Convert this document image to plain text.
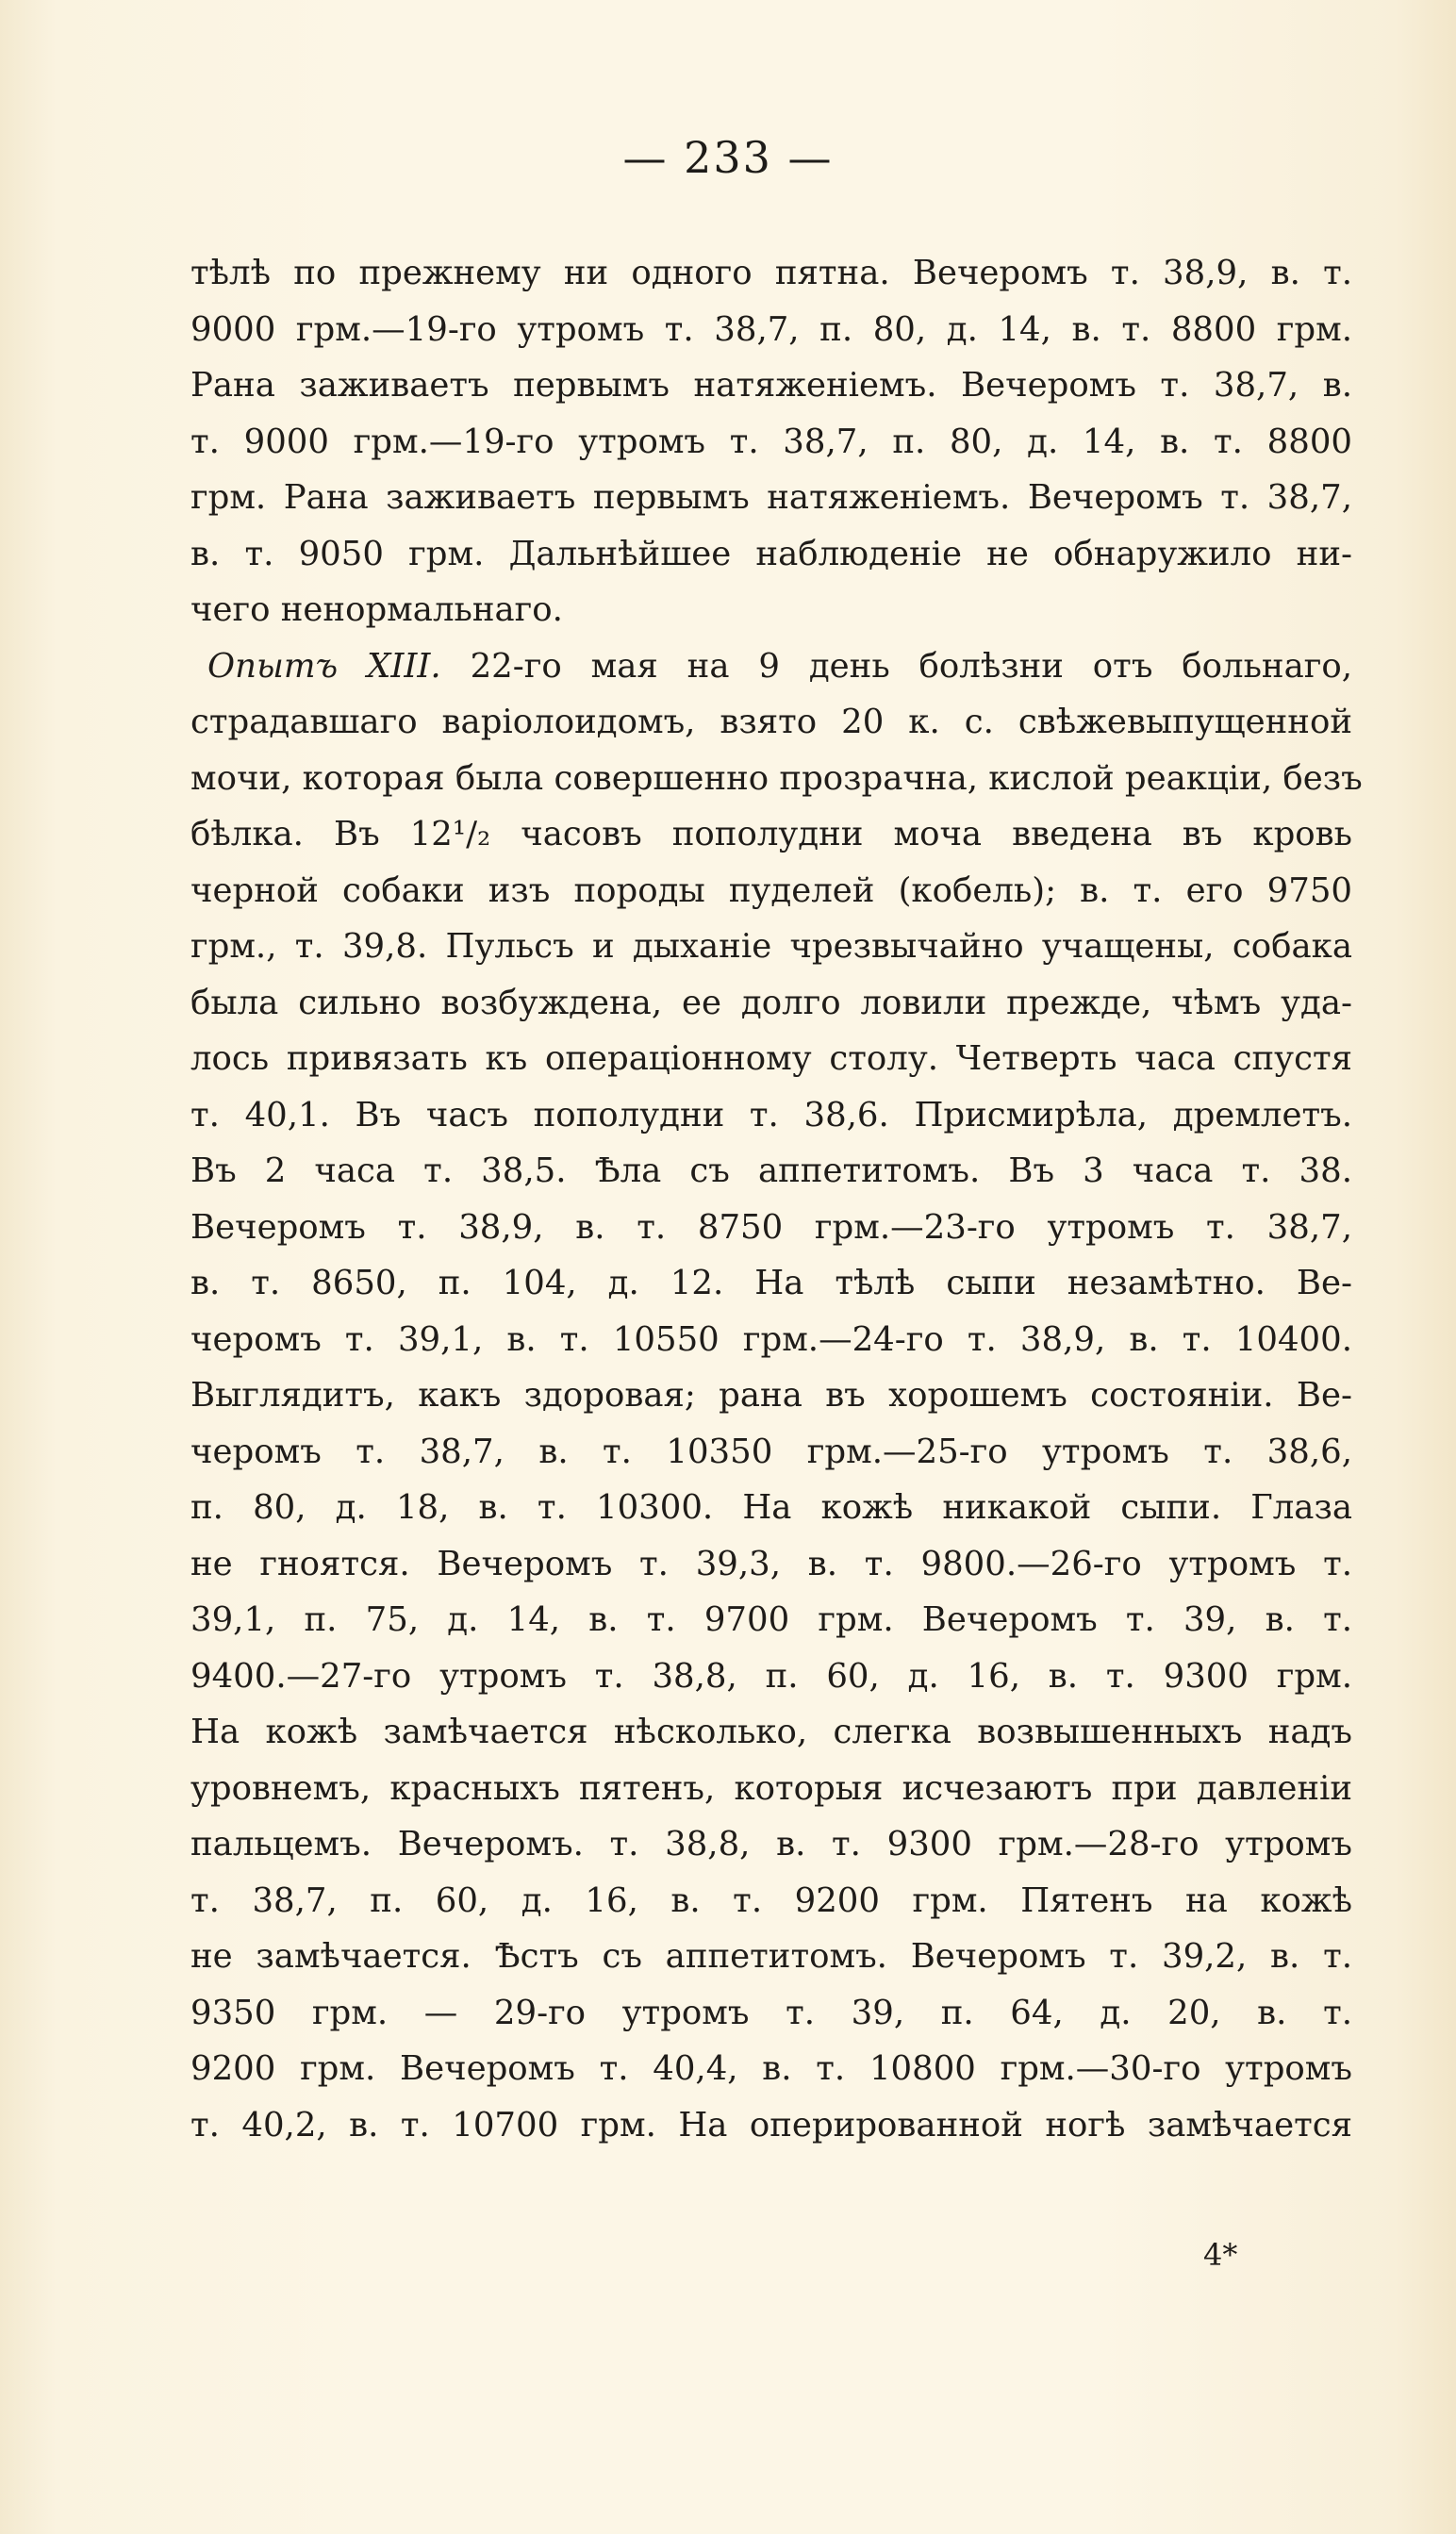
— 233 —
тѣлѣ по прежнему ни одного пятна. Вечеромъ т. 38,9, в. т.
9000 грм.—19-го утромъ т. 38,7, п. 80, д. 14, в. т. 8800 грм.
Рана заживаетъ первымъ натяженіемъ. Вечеромъ т. 38,7, в.
т. 9000 грм.—19-го утромъ т. 38,7, п. 80, д. 14, в. т. 8800
грм. Рана заживаетъ первымъ натяженіемъ. Вечеромъ т. 38,7,
в. т. 9050 грм. Дальнѣйшее наблюденіе не обнаружило ни-
чего ненормальнаго.
Опытъ XIII. 22-го мая на 9 день болѣзни отъ больнаго,
страдавшаго варіолоидомъ, взято 20 к. с. свѣжевыпущенной
мочи, которая была совершенно прозрачна, кислой реакціи, безъ
бѣлка. Въ 12¹/₂ часовъ пополудни моча введена въ кровь
черной собаки изъ породы пуделей (кобель); в. т. его 9750
грм., т. 39,8. Пульсъ и дыханіе чрезвычайно учащены, собака
была сильно возбуждена, ее долго ловили прежде, чѣмъ уда-
лось привязать къ операціонному столу. Четверть часа спустя
т. 40,1. Въ часъ пополудни т. 38,6. Присмирѣла, дремлетъ.
Въ 2 часа т. 38,5. Ѣла съ аппетитомъ. Въ 3 часа т. 38.
Вечеромъ т. 38,9, в. т. 8750 грм.—23-го утромъ т. 38,7,
в. т. 8650, п. 104, д. 12. На тѣлѣ сыпи незамѣтно. Ве-
черомъ т. 39,1, в. т. 10550 грм.—24-го т. 38,9, в. т. 10400.
Выглядитъ, какъ здоровая; рана въ хорошемъ состояніи. Ве-
черомъ т. 38,7, в. т. 10350 грм.—25-го утромъ т. 38,6,
п. 80, д. 18, в. т. 10300. На кожѣ никакой сыпи. Глаза
не гноятся. Вечеромъ т. 39,3, в. т. 9800.—26-го утромъ т.
39,1, п. 75, д. 14, в. т. 9700 грм. Вечеромъ т. 39, в. т.
9400.—27-го утромъ т. 38,8, п. 60, д. 16, в. т. 9300 грм.
На кожѣ замѣчается нѣсколько, слегка возвышенныхъ надъ
уровнемъ, красныхъ пятенъ, которыя исчезаютъ при давленіи
пальцемъ. Вечеромъ. т. 38,8, в. т. 9300 грм.—28-го утромъ
т. 38,7, п. 60, д. 16, в. т. 9200 грм. Пятенъ на кожѣ
не замѣчается. Ѣстъ съ аппетитомъ. Вечеромъ т. 39,2, в. т.
9350 грм. — 29-го утромъ т. 39, п. 64, д. 20, в. т.
9200 грм. Вечеромъ т. 40,4, в. т. 10800 грм.—30-го утромъ
т. 40,2, в. т. 10700 грм. На оперированной ногѣ замѣчается
4*
